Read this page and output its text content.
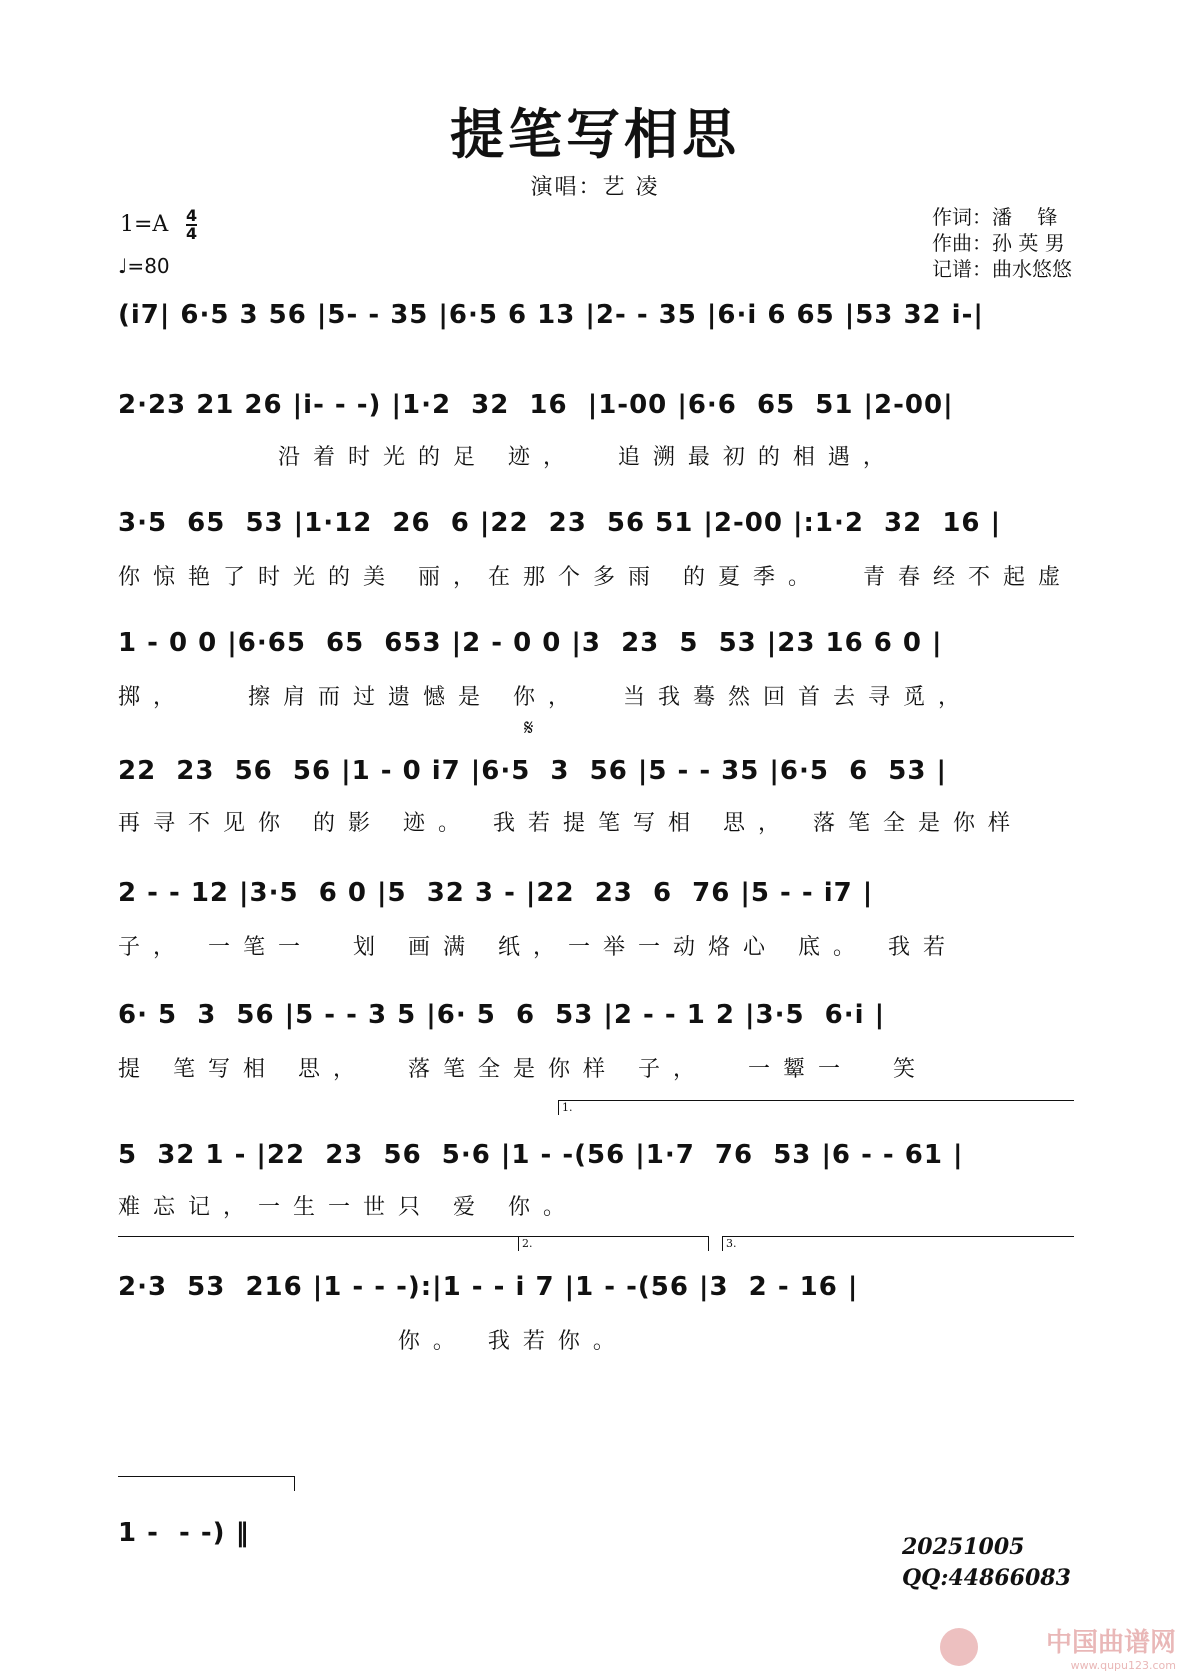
提笔写相思
演唱：艺 凌
1=A 4
4
♩=80
作词：潘    锋
作曲：孙 英 男
记谱：曲水悠悠
(i7| 6·5 3 56 |5- - 35 |6·5 6 13 |2- - 35 |6·i 6 65 |53 32 i-|
2·23 21 26 |i- - -) |1·2  32  16  |1-00 |6·6  65  51 |2-00|
沿着时光的足 迹，  追溯最初的相遇，
3·5  65  53 |1·12  26  6 |22  23  56 51 |2-00 |:1·2  32  16 |
你惊艳了时光的美 丽，在那个多雨 的夏季。  青春经不起虚
1 - 0 0 |6·65  65  653 |2 - 0 0 |3  23  5  53 |23 16 6 0 |
掷，   擦肩而过遗憾是 你，  当我蓦然回首去寻觅，
𝄋
22  23  56  56 |1 - 0 i7 |6·5  3  56 |5 - - 35 |6·5  6  53 |
再寻不见你 的影 迹。 我若提笔写相 思， 落笔全是你样
2 - - 12 |3·5  6 0 |5  32 3 - |22  23  6  76 |5 - - i7 |
子， 一笔一  划 画满 纸，一举一动烙心 底。 我若
6· 5  3  56 |5 - - 3 5 |6· 5  6  53 |2 - - 1 2 |3·5  6·i |
提 笔写相 思，  落笔全是你样 子，  一颦一  笑
1.
5  32 1 - |22  23  56  5·6 |1 - -(56 |1·7  76  53 |6 - - 61 |
难忘记，一生一世只 爱 你。
2.	3.
2·3  53  216 |1 - - -):|1 - - i 7 |1 - -(56 |3  2 - 16 |
你。 我若你。
1 -  - -) ‖	20251005
QQ:44866083
中国曲谱网
www.qupu123.com
